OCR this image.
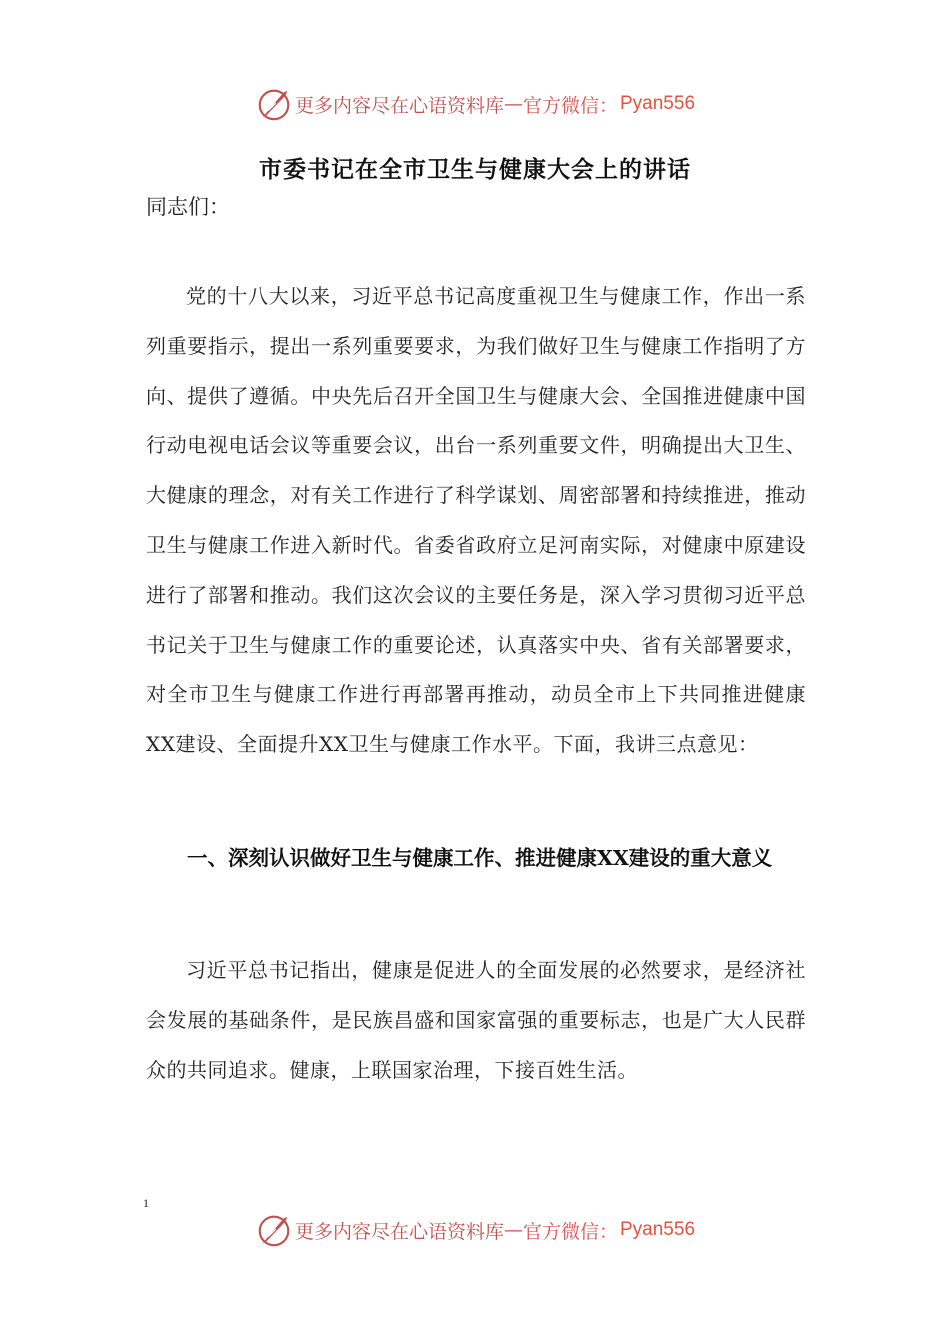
更多内容尽在心语资料库 — 官方微信： Pyan556
市委书记在全市卫生与健康大会上的讲话
同志们：
党的十八大以来，习近平总书记高度重视卫生与健康工作，作出一系列重要指示，提出一系列重要要求，为我们做好卫生与健康工作指明了方向、提供了遵循。中央先后召开全国卫生与健康大会、全国推进健康中国行动电视电话会议等重要会议，出台一系列重要文件，明确提出大卫生、大健康的理念，对有关工作进行了科学谋划、周密部署和持续推进，推动卫生与健康工作进入新时代。省委省政府立足河南实际，对健康中原建设进行了部署和推动。我们这次会议的主要任务是，深入学习贯彻习近平总书记关于卫生与健康工作的重要论述，认真落实中央、省有关部署要求，对全市卫生与健康工作进行再部署再推动，动员全市上下共同推进健康XX建设、全面提升XX卫生与健康工作水平。下面，我讲三点意见：
一、深刻认识做好卫生与健康工作、推进健康XX建设的重大意义
习近平总书记指出，健康是促进人的全面发展的必然要求，是经济社会发展的基础条件，是民族昌盛和国家富强的重要标志，也是广大人民群众的共同追求。健康，上联国家治理，下接百姓生活。
1
更多内容尽在心语资料库 — 官方微信： Pyan556
